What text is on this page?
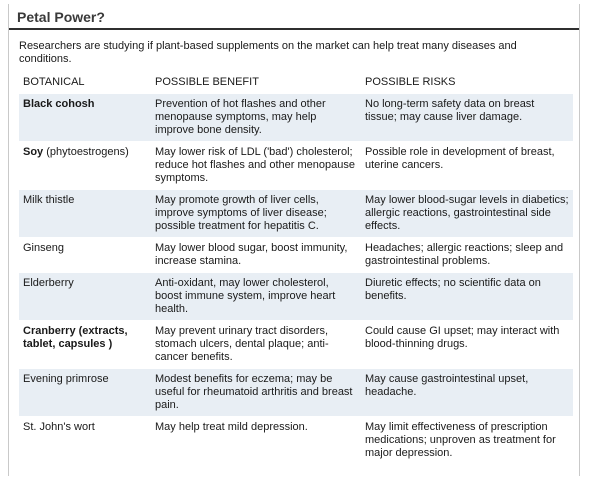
Petal Power?
Researchers are studying if plant-based supplements on the market can help treat many diseases and conditions.
BOTANICAL	POSSIBLE BENEFIT	POSSIBLE RISKS
Black cohosh	Prevention of hot flashes and other menopause symptoms, may help improve bone density.	No long-term safety data on breast tissue; may cause liver damage.
Soy (phytoestrogens)	May lower risk of LDL ('bad') cholesterol; reduce hot flashes and other menopause symptoms.	Possible role in development of breast, uterine cancers.
Milk thistle	May promote growth of liver cells, improve symptoms of liver disease; possible treatment for hepatitis C.	May lower blood-sugar levels in diabetics; allergic reactions, gastrointestinal side effects.
Ginseng	May lower blood sugar, boost immunity, increase stamina.	Headaches; allergic reactions; sleep and gastrointestinal problems.
Elderberry	Anti-oxidant, may lower cholesterol, boost immune system, improve heart health.	Diuretic effects; no scientific data on benefits.
Cranberry (extracts, tablet, capsules )	May prevent urinary tract disorders, stomach ulcers, dental plaque; anti-cancer benefits.	Could cause GI upset; may interact with blood-thinning drugs.
Evening primrose	Modest benefits for eczema; may be useful for rheumatoid arthritis and breast pain.	May cause gastrointestinal upset, headache.
St. John's wort	May help treat mild depression.	May limit effectiveness of prescription medications; unproven as treatment for major depression.
